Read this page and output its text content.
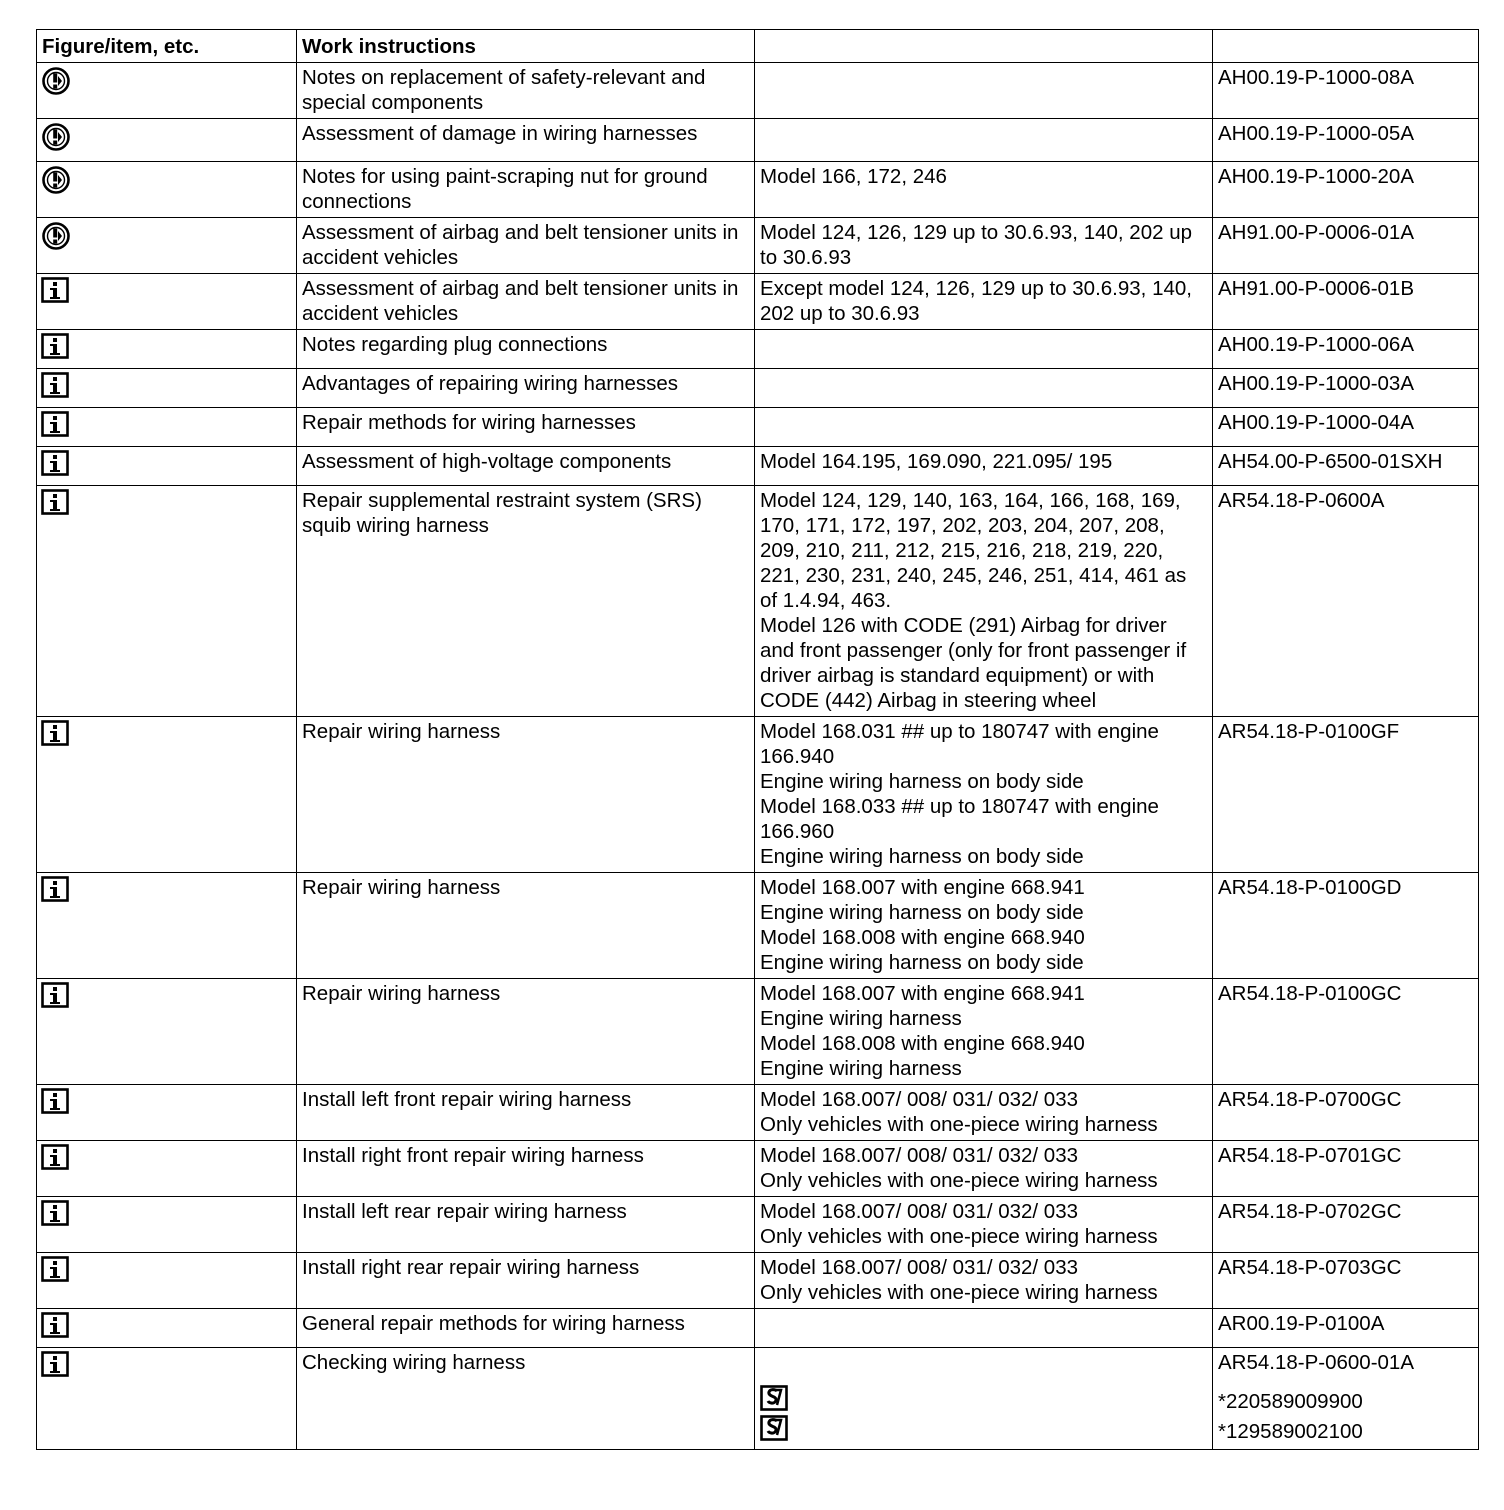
Figure/item, etc.	Work instructions		
	Notes on replacement of safety-relevant and special components		AH00.19-P-1000-08A
	Assessment of damage in wiring harnesses		AH00.19-P-1000-05A
	Notes for using paint-scraping nut for ground connections	Model 166, 172, 246	AH00.19-P-1000-20A
	Assessment of airbag and belt tensioner units in accident vehicles	Model 124, 126, 129 up to 30.6.93, 140, 202 up to 30.6.93	AH91.00-P-0006-01A
	Assessment of airbag and belt tensioner units in accident vehicles	Except model 124, 126, 129 up to 30.6.93, 140, 202 up to 30.6.93	AH91.00-P-0006-01B
	Notes regarding plug connections		AH00.19-P-1000-06A
	Advantages of repairing wiring harnesses		AH00.19-P-1000-03A
	Repair methods for wiring harnesses		AH00.19-P-1000-04A
	Assessment of high-voltage components	Model 164.195, 169.090, 221.095/ 195	AH54.00-P-6500-01SXH
	Repair supplemental restraint system (SRS) squib wiring harness	Model 124, 129, 140, 163, 164, 166, 168, 169, 170, 171, 172, 197, 202, 203, 204, 207, 208, 209, 210, 211, 212, 215, 216, 218, 219, 220, 221, 230, 231, 240, 245, 246, 251, 414, 461 as of 1.4.94, 463.
Model 126 with CODE (291) Airbag for driver and front passenger (only for front passenger if driver airbag is standard equipment) or with CODE (442) Airbag in steering wheel	AR54.18-P-0600A
	Repair wiring harness	Model 168.031 ## up to 180747 with engine 166.940
Engine wiring harness on body side
Model 168.033 ## up to 180747 with engine 166.960
Engine wiring harness on body side	AR54.18-P-0100GF
	Repair wiring harness	Model 168.007 with engine 668.941
Engine wiring harness on body side
Model 168.008 with engine 668.940
Engine wiring harness on body side	AR54.18-P-0100GD
	Repair wiring harness	Model 168.007 with engine 668.941
Engine wiring harness
Model 168.008 with engine 668.940
Engine wiring harness	AR54.18-P-0100GC
	Install left front repair wiring harness	Model 168.007/ 008/ 031/ 032/ 033
Only vehicles with one-piece wiring harness	AR54.18-P-0700GC
	Install right front repair wiring harness	Model 168.007/ 008/ 031/ 032/ 033
Only vehicles with one-piece wiring harness	AR54.18-P-0701GC
	Install left rear repair wiring harness	Model 168.007/ 008/ 031/ 032/ 033
Only vehicles with one-piece wiring harness	AR54.18-P-0702GC
	Install right rear repair wiring harness	Model 168.007/ 008/ 031/ 032/ 033
Only vehicles with one-piece wiring harness	AR54.18-P-0703GC
	General repair methods for wiring harness		AR00.19-P-0100A
	Checking wiring harness		AR54.18-P-0600-01A
*220589009900
*129589002100
